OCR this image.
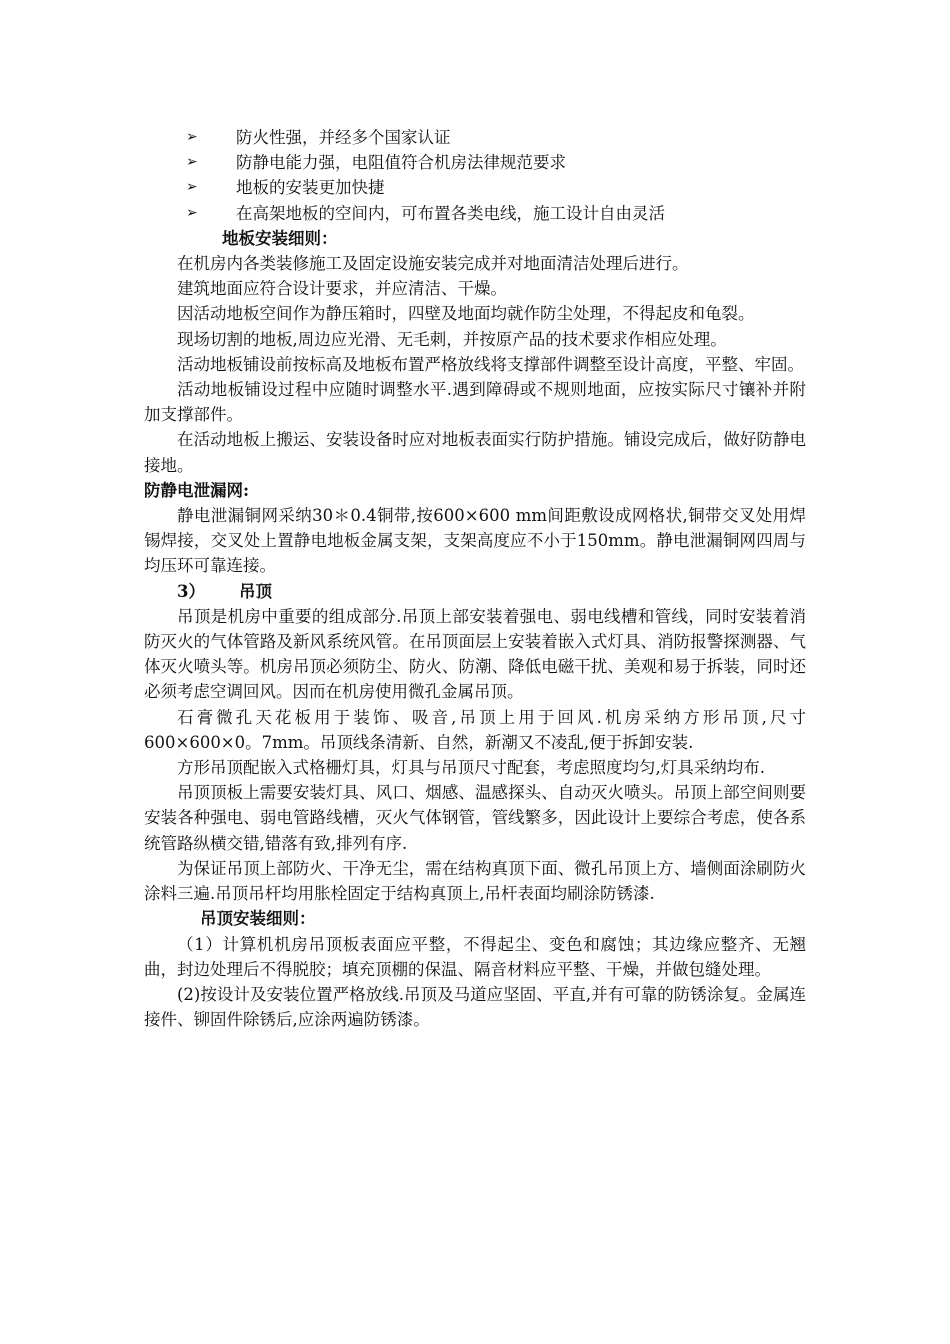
➢ 防火性强，并经多个国家认证
➢ 防静电能力强，电阻值符合机房法律规范要求
➢ 地板的安装更加快捷
➢ 在高架地板的空间内，可布置各类电线，施工设计自由灵活
地板安装细则：
在机房内各类装修施工及固定设施安装完成并对地面清洁处理后进行。
建筑地面应符合设计要求，并应清洁、干燥。
因活动地板空间作为静压箱时，四壁及地面均就作防尘处理，不得起皮和龟裂。
现场切割的地板,周边应光滑、无毛刺，并按原产品的技术要求作相应处理。
活动地板铺设前按标高及地板布置严格放线将支撑部件调整至设计高度，平整、牢固。
活动地板铺设过程中应随时调整水平.遇到障碍或不规则地面，应按实际尺寸镶补并附加支撑部件。
在活动地板上搬运、安装设备时应对地板表面实行防护措施。铺设完成后，做好防静电接地。
防静电泄漏网:
静电泄漏铜网采纳30＊0.4铜带,按600×600 mm间距敷设成网格状,铜带交叉处用焊锡焊接，交叉处上置静电地板金属支架，支架高度应不小于150mm。静电泄漏铜网四周与均压环可靠连接。
3） 吊顶
吊顶是机房中重要的组成部分.吊顶上部安装着强电、弱电线槽和管线，同时安装着消防灭火的气体管路及新风系统风管。在吊顶面层上安装着嵌入式灯具、消防报警探测器、气体灭火喷头等。机房吊顶必须防尘、防火、防潮、降低电磁干扰、美观和易于拆装，同时还必须考虑空调回风。因而在机房使用微孔金属吊顶。
石膏微孔天花板用于装饰、吸音,吊顶上用于回风.机房采纳方形吊顶,尺寸600×600×0。7mm。吊顶线条清新、自然，新潮又不凌乱,便于拆卸安装.
方形吊顶配嵌入式格栅灯具，灯具与吊顶尺寸配套，考虑照度均匀,灯具采纳均布.
吊顶顶板上需要安装灯具、风口、烟感、温感探头、自动灭火喷头。吊顶上部空间则要安装各种强电、弱电管路线槽，灭火气体钢管，管线繁多，因此设计上要综合考虑，使各系统管路纵横交错,错落有致,排列有序.
为保证吊顶上部防火、干净无尘，需在结构真顶下面、微孔吊顶上方、墙侧面涂刷防火涂料三遍.吊顶吊杆均用胀栓固定于结构真顶上,吊杆表面均刷涂防锈漆.
吊顶安装细则：
（1）计算机机房吊顶板表面应平整，不得起尘、变色和腐蚀；其边缘应整齐、无翘曲，封边处理后不得脱胶；填充顶棚的保温、隔音材料应平整、干燥，并做包缝处理。
(2)按设计及安装位置严格放线.吊顶及马道应坚固、平直,并有可靠的防锈涂复。金属连接件、铆固件除锈后,应涂两遍防锈漆。
